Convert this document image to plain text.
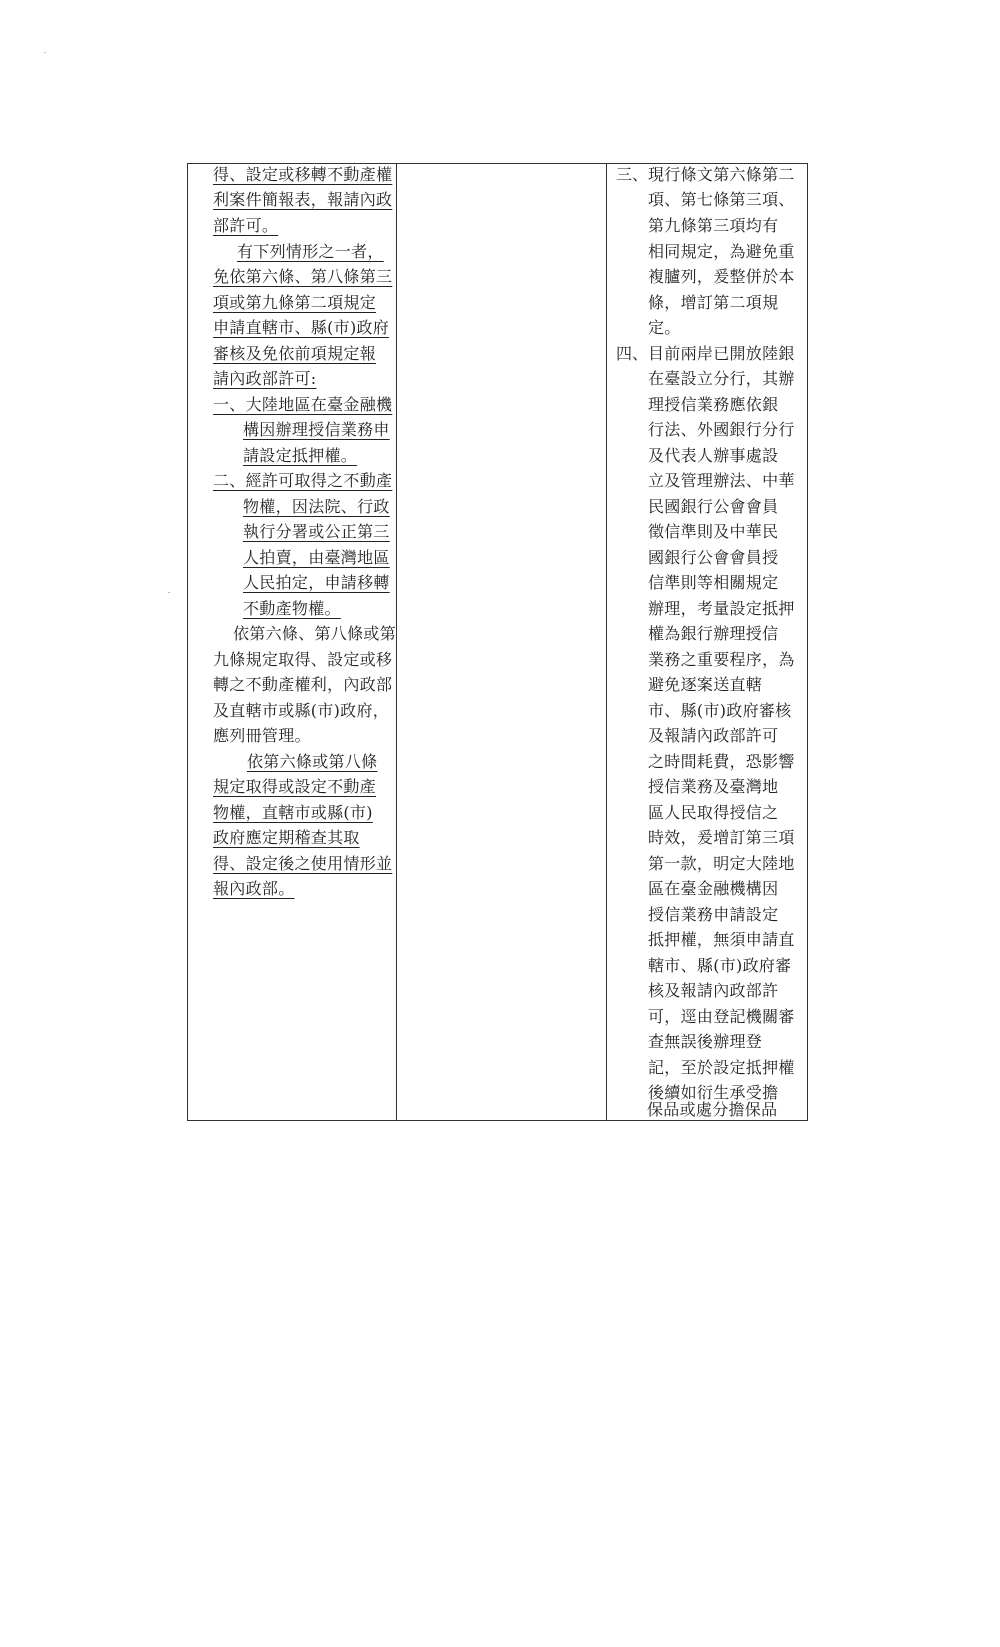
得、設定或移轉不動產權
利案件簡報表，報請內政
部許可。
有下列情形之一者，
免依第六條、第八條第三
項或第九條第二項規定
申請直轄市、縣(市)政府
審核及免依前項規定報
請內政部許可:
一、大陸地區在臺金融機
構因辦理授信業務申
請設定抵押權。
二、經許可取得之不動產
物權，因法院、行政
執行分署或公正第三
人拍賣，由臺灣地區
人民拍定，申請移轉
不動產物權。
依第六條、第八條或第
九條規定取得、設定或移
轉之不動產權利，內政部
及直轄市或縣(市)政府，
應列冊管理。
依第六條或第八條
規定取得或設定不動產
物權，直轄市或縣(市)
政府應定期稽查其取
得、設定後之使用情形並
報內政部。
三、 現行條文第六條第二
項、第七條第三項、
第九條第三項均有
相同規定，為避免重
複臚列，爰整併於本
條，增訂第二項規
定。
四、 目前兩岸已開放陸銀
在臺設立分行，其辦
理授信業務應依銀
行法、外國銀行分行
及代表人辦事處設
立及管理辦法、中華
民國銀行公會會員
徵信準則及中華民
國銀行公會會員授
信準則等相關規定
辦理，考量設定抵押
權為銀行辦理授信
業務之重要程序，為
避免逐案送直轄
市、縣(市)政府審核
及報請內政部許可
之時間耗費，恐影響
授信業務及臺灣地
區人民取得授信之
時效，爰增訂第三項
第一款，明定大陸地
區在臺金融機構因
授信業務申請設定
抵押權，無須申請直
轄市、縣(市)政府審
核及報請內政部許
可，逕由登記機關審
查無誤後辦理登
記，至於設定抵押權
後續如衍生承受擔
保品或處分擔保品
